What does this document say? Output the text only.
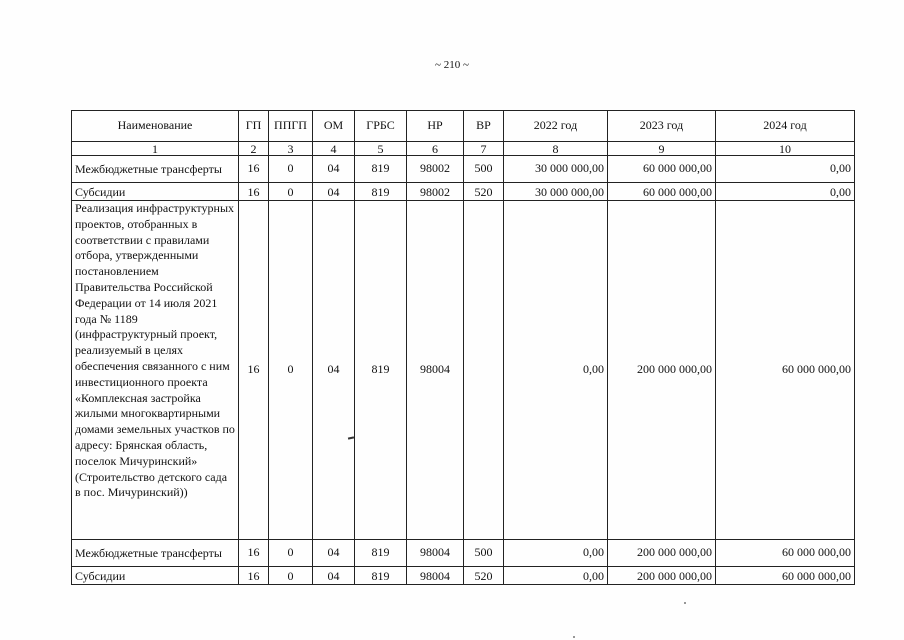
~ 210 ~
Наименование	ГП	ППГП	ОМ	ГРБС	НР	ВР	2022 год	2023 год	2024 год
1	2	3	4	5	6	7	8	9	10
Межбюджетные трансферты	16	0	04	819	98002	500	30 000 000,00	60 000 000,00	0,00
Субсидии	16	0	04	819	98002	520	30 000 000,00	60 000 000,00	0,00
Реализация инфраструктурных проектов, отобранных в соответствии с правилами отбора, утвержденными постановлением Правительства Российской Федерации от 14 июля 2021 года № 1189 (инфраструктурный проект, реализуемый в целях обеспечения связанного с ним инвестиционного проекта «Комплексная застройка жилыми многоквартирными домами земельных участков по адресу: Брянская область, поселок Мичуринский» (Строительство детского сада в пос. Мичуринский))	16	0	04	819	98004		0,00	200 000 000,00	60 000 000,00
Межбюджетные трансферты	16	0	04	819	98004	500	0,00	200 000 000,00	60 000 000,00
Субсидии	16	0	04	819	98004	520	0,00	200 000 000,00	60 000 000,00
